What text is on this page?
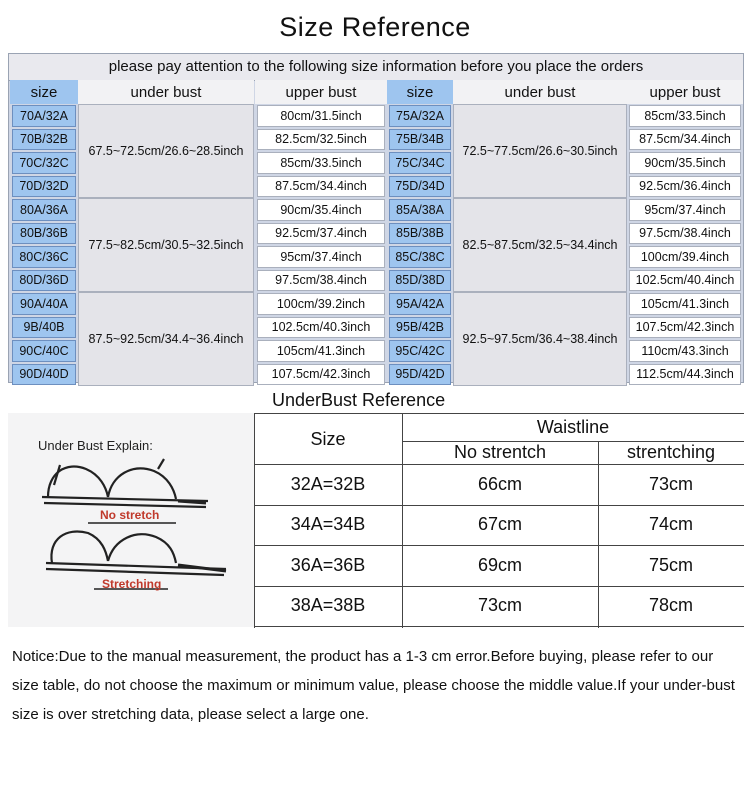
Size Reference
please pay attention to the following size information before you place the orders
size	under bust	upper bust
67.5~72.5cm/26.6~28.5inch
70A/32A	80cm/31.5inch
70B/32B	82.5cm/32.5inch
70C/32C	85cm/33.5inch
70D/32D	87.5cm/34.4inch
77.5~82.5cm/30.5~32.5inch
80A/36A	90cm/35.4inch
80B/36B	92.5cm/37.4inch
80C/36C	95cm/37.4inch
80D/36D	97.5cm/38.4inch
87.5~92.5cm/34.4~36.4inch
90A/40A	100cm/39.2inch
9B/40B	102.5cm/40.3inch
90C/40C	105cm/41.3inch
90D/40D	107.5cm/42.3inch
size	under bust	upper bust
72.5~77.5cm/26.6~30.5inch
75A/32A	85cm/33.5inch
75B/34B	87.5cm/34.4inch
75C/34C	90cm/35.5inch
75D/34D	92.5cm/36.4inch
82.5~87.5cm/32.5~34.4inch
85A/38A	95cm/37.4inch
85B/38B	97.5cm/38.4inch
85C/38C	100cm/39.4inch
85D/38D	102.5cm/40.4inch
92.5~97.5cm/36.4~38.4inch
95A/42A	105cm/41.3inch
95B/42B	107.5cm/42.3inch
95C/42C	110cm/43.3inch
95D/42D	112.5cm/44.3inch
UnderBust Reference
Under Bust Explain:
No stretch
Stretching
Size
Waistline
No strentch	strentching
32A=32B	66cm	73cm
34A=34B	67cm	74cm
36A=36B	69cm	75cm
38A=38B	73cm	78cm
Notice:Due to the manual measurement, the product has a 1-3 cm error.Before buying, please refer to our size table, do not choose the maximum or minimum value, please choose the middle value.If your under-bust size is over stretching data, please select a large one.
